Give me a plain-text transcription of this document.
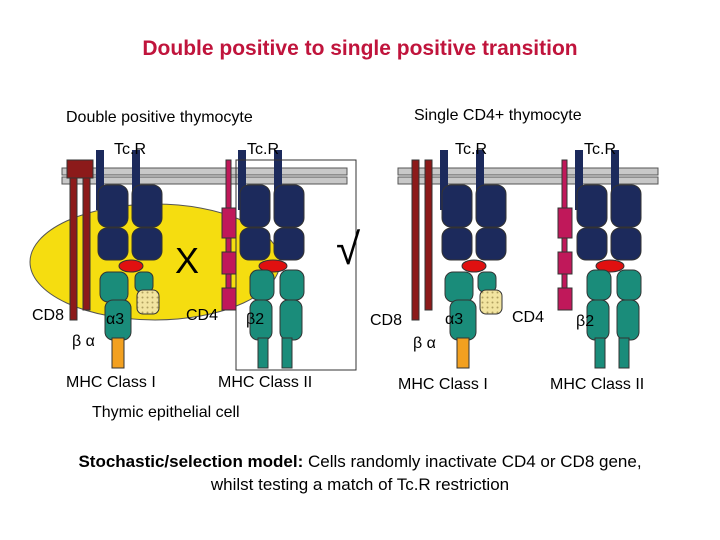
Double positive to single positive transition
Double positive thymocyte
Tc.R	Tc.R
CD8	α3
β α
CD4 β2
MHC Class I	MHC Class II
X	√
Thymic epithelial cell
Single CD4+ thymocyte
Tc.R	Tc.R
CD8	α3
β α
CD4 β2
MHC Class I	MHC Class II
Stochastic/selection model: Cells randomly inactivate CD4 or CD8 gene,
whilst testing a match of Tc.R restriction
